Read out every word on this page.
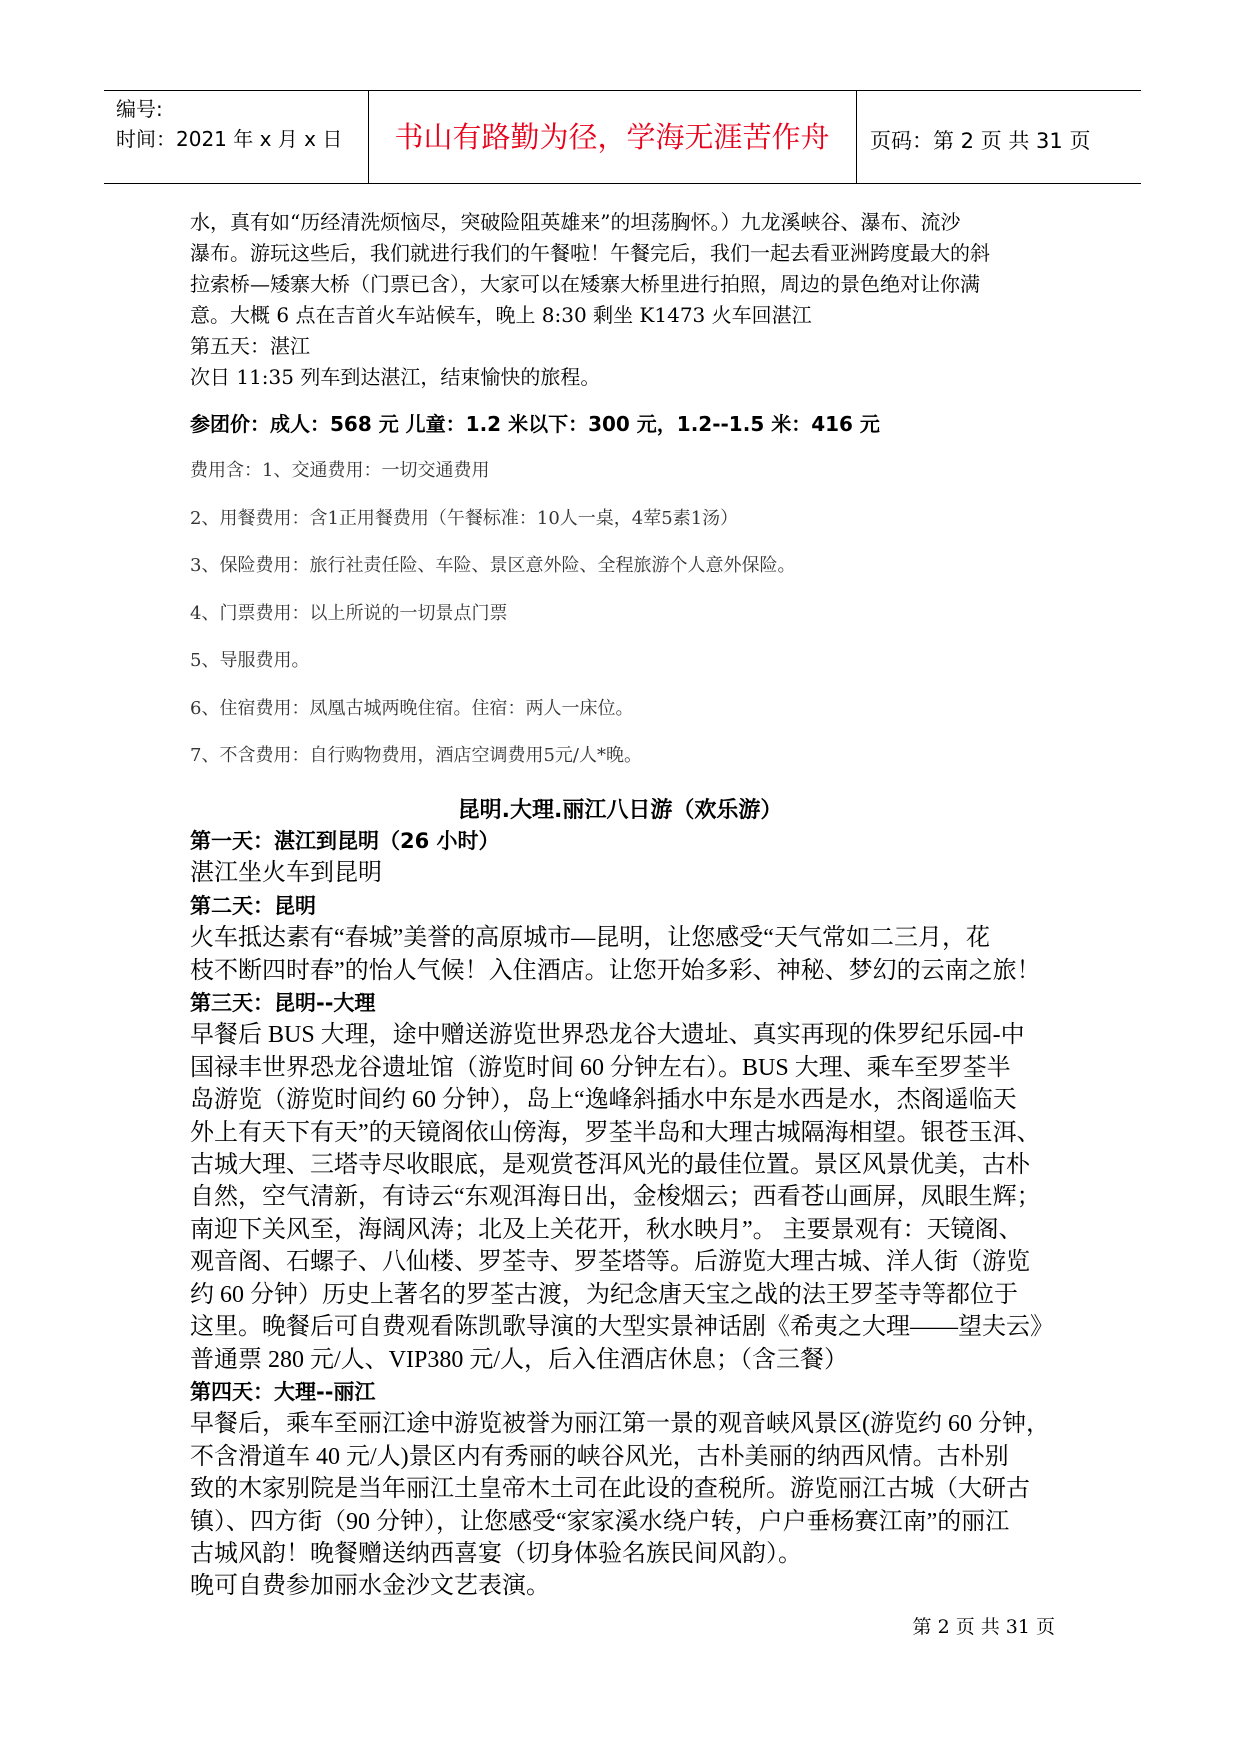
编号:
时间：2021 年 x 月 x 日	书山有路勤为径，学海无涯苦作舟	页码：第 2 页 共 31 页

水，真有如“历经清洗烦恼尽，突破险阻英雄来”的坦荡胸怀。）九龙溪峡谷、瀑布、流沙

瀑布。游玩这些后，我们就进行我们的午餐啦！午餐完后，我们一起去看亚洲跨度最大的斜

拉索桥—矮寨大桥（门票已含），大家可以在矮寨大桥里进行拍照，周边的景色绝对让你满

意。大概 6 点在吉首火车站候车，晚上 8:30 剩坐 K1473 火车回湛江

第五天：湛江

次日 11:35 列车到达湛江，结束愉快的旅程。

参团价：成人：568 元 儿童：1.2 米以下：300 元，1.2--1.5 米：416 元

费用含：1、交通费用：一切交通费用

2、用餐费用：含1正用餐费用（午餐标准：10人一桌，4荤5素1汤）

3、保险费用：旅行社责任险、车险、景区意外险、全程旅游个人意外保险。

4、门票费用：以上所说的一切景点门票

5、导服费用。

6、住宿费用：凤凰古城两晚住宿。住宿：两人一床位。

7、不含费用：自行购物费用，酒店空调费用5元/人*晚。

昆明.大理.丽江八日游（欢乐游）

第一天：湛江到昆明（26 小时）

湛江坐火车到昆明

第二天：昆明

火车抵达素有“春城”美誉的高原城市—昆明，让您感受“天气常如二三月，花

枝不断四时春”的怡人气候！入住酒店。让您开始多彩、神秘、梦幻的云南之旅！

第三天：昆明--大理

早餐后 BUS 大理，途中赠送游览世界恐龙谷大遗址、真实再现的侏罗纪乐园-中

国禄丰世界恐龙谷遗址馆（游览时间 60 分钟左右）。BUS 大理、乘车至罗荃半

岛游览（游览时间约 60 分钟），岛上“逸峰斜插水中东是水西是水，杰阁遥临天

外上有天下有天”的天镜阁依山傍海，罗荃半岛和大理古城隔海相望。银苍玉洱、

古城大理、三塔寺尽收眼底，是观赏苍洱风光的最佳位置。景区风景优美，古朴

自然，空气清新，有诗云“东观洱海日出，金梭烟云；西看苍山画屏，凤眼生辉；

南迎下关风至，海阔风涛；北及上关花开，秋水映月”。 主要景观有：天镜阁、

观音阁、石螺子、八仙楼、罗荃寺、罗荃塔等。后游览大理古城、洋人街（游览

约 60 分钟）历史上著名的罗荃古渡，为纪念唐天宝之战的法王罗荃寺等都位于

这里。晚餐后可自费观看陈凯歌导演的大型实景神话剧《希夷之大理——望夫云》

普通票 280 元/人、VIP380 元/人，后入住酒店休息；（含三餐）

第四天：大理--丽江

早餐后，乘车至丽江途中游览被誉为丽江第一景的观音峡风景区(游览约 60 分钟，

不含滑道车 40 元/人)景区内有秀丽的峡谷风光，古朴美丽的纳西风情。古朴别

致的木家别院是当年丽江土皇帝木土司在此设的查税所。游览丽江古城（大研古

镇）、四方街（90 分钟），让您感受“家家溪水绕户转，户户垂杨赛江南”的丽江

古城风韵！晚餐赠送纳西喜宴（切身体验名族民间风韵）。

晚可自费参加丽水金沙文艺表演。

第 2 页 共 31 页
